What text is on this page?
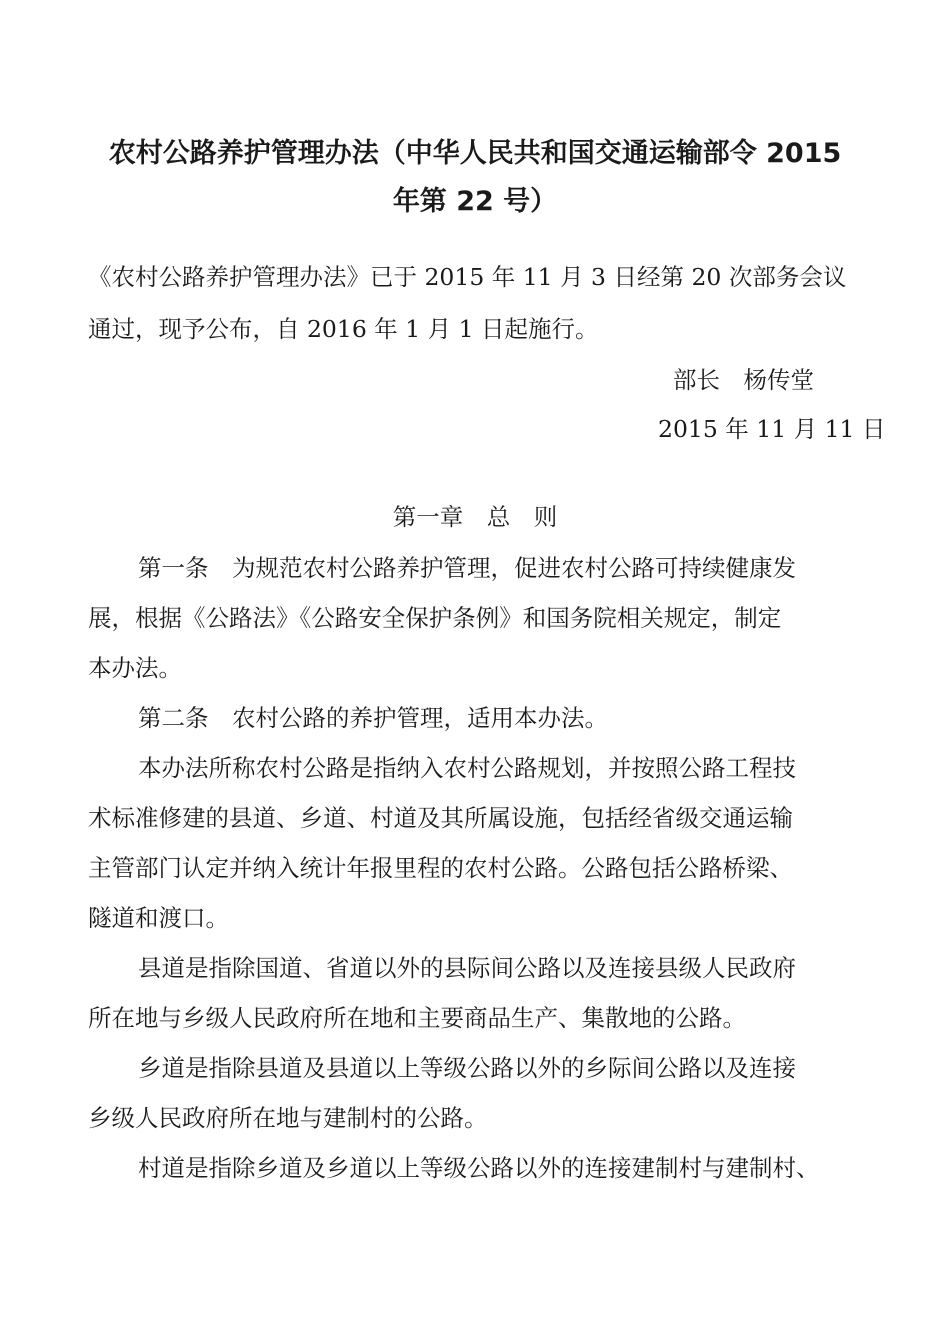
农村公路养护管理办法（中华人民共和国交通运输部令 2015
年第 22 号）

《农村公路养护管理办法》已于 2015 年 11 月 3 日经第 20 次部务会议

通过，现予公布，自 2016 年 1 月 1 日起施行。

部长　杨传堂

2015 年 11 月 11 日

第一章　总　则

第一条　为规范农村公路养护管理，促进农村公路可持续健康发

展，根据《公路法》《公路安全保护条例》和国务院相关规定，制定

本办法。

第二条　农村公路的养护管理，适用本办法。

本办法所称农村公路是指纳入农村公路规划，并按照公路工程技

术标准修建的县道、乡道、村道及其所属设施，包括经省级交通运输

主管部门认定并纳入统计年报里程的农村公路。公路包括公路桥梁、

隧道和渡口。

县道是指除国道、省道以外的县际间公路以及连接县级人民政府

所在地与乡级人民政府所在地和主要商品生产、集散地的公路。

乡道是指除县道及县道以上等级公路以外的乡际间公路以及连接

乡级人民政府所在地与建制村的公路。

村道是指除乡道及乡道以上等级公路以外的连接建制村与建制村、
